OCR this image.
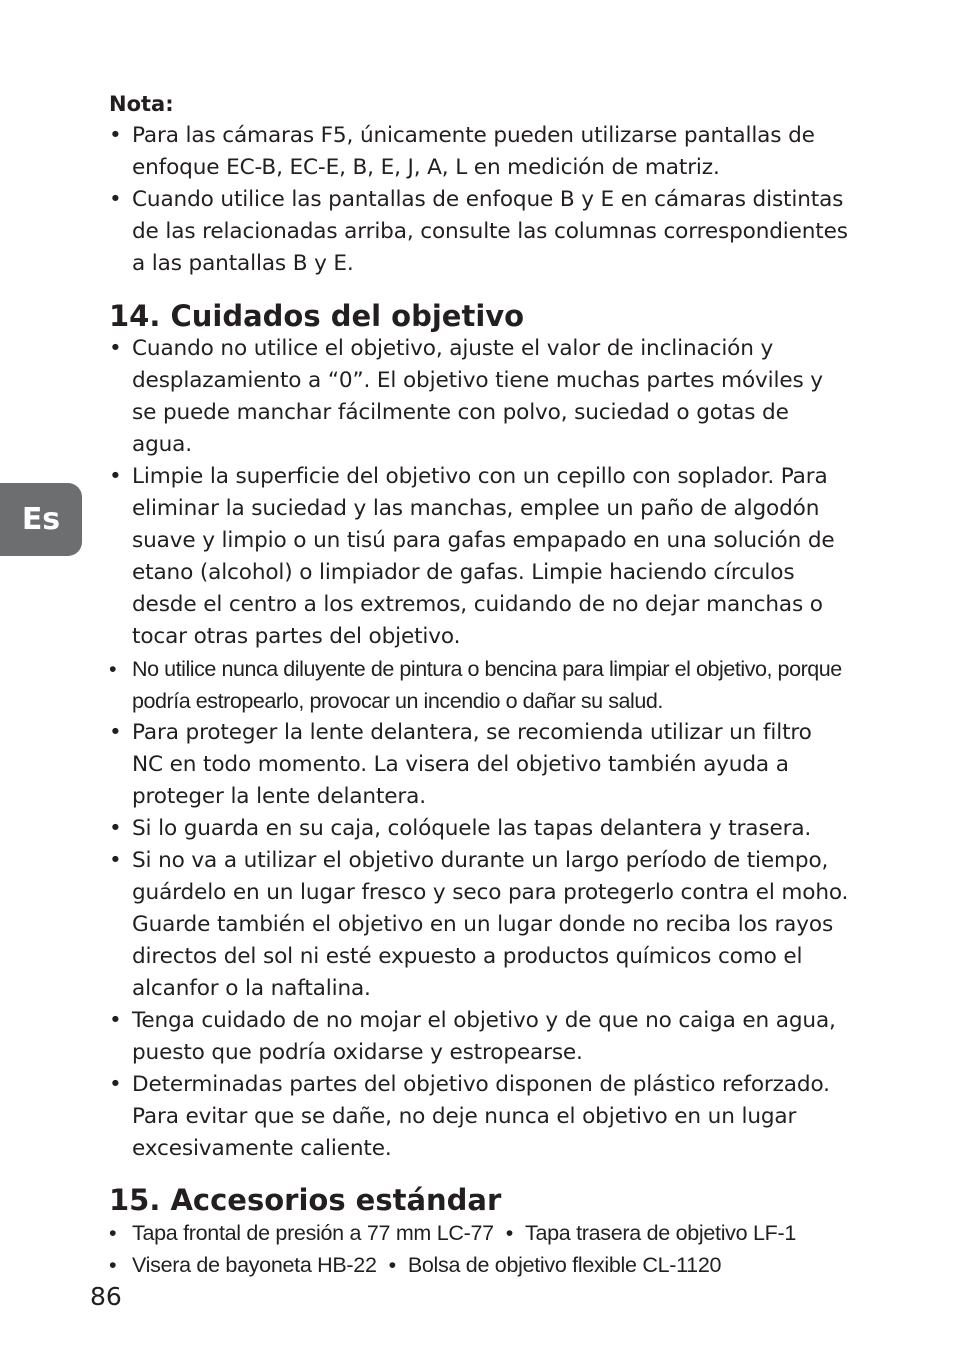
Nota:

• Para las cámaras F5, únicamente pueden utilizarse pantallas de enfoque EC-B, EC-E, B, E, J, A, L en medición de matriz.
• Cuando utilice las pantallas de enfoque B y E en cámaras distintas de las relacionadas arriba, consulte las columnas correspondientes a las pantallas B y E.
14. Cuidados del objetivo
• Cuando no utilice el objetivo, ajuste el valor de inclinación y desplazamiento a “0”. El objetivo tiene muchas partes móviles y se puede manchar fácilmente con polvo, suciedad o gotas de agua.
• Limpie la superficie del objetivo con un cepillo con soplador. Para eliminar la suciedad y las manchas, emplee un paño de algodón suave y limpio o un tisú para gafas empapado en una solución de etano (alcohol) o limpiador de gafas. Limpie haciendo círculos desde el centro a los extremos, cuidando de no dejar manchas o tocar otras partes del objetivo.
• No utilice nunca diluyente de pintura o bencina para limpiar el objetivo, porque podría estropearlo, provocar un incendio o dañar su salud.
• Para proteger la lente delantera, se recomienda utilizar un filtro NC en todo momento. La visera del objetivo también ayuda a proteger la lente delantera.
• Si lo guarda en su caja, colóquele las tapas delantera y trasera.
• Si no va a utilizar el objetivo durante un largo período de tiempo, guárdelo en un lugar fresco y seco para protegerlo contra el moho. Guarde también el objetivo en un lugar donde no reciba los rayos directos del sol ni esté expuesto a productos químicos como el alcanfor o la naftalina.
• Tenga cuidado de no mojar el objetivo y de que no caiga en agua, puesto que podría oxidarse y estropearse.
• Determinadas partes del objetivo disponen de plástico reforzado. Para evitar que se dañe, no deje nunca el objetivo en un lugar excesivamente caliente.
15. Accesorios estándar
• Tapa frontal de presión a 77 mm LC-77 • Tapa trasera de objetivo LF-1
• Visera de bayoneta HB-22 • Bolsa de objetivo flexible CL-1120
Es
86
